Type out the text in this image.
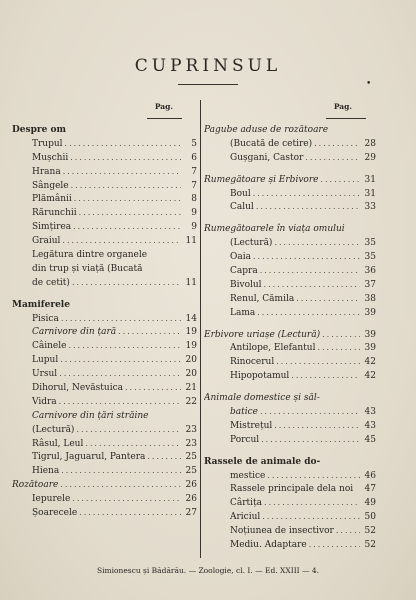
CUPRINSUL
•
Pag.
Despre om
Trupul .....	5
Mușchii .....	6
Hrana .....	7
Sângele .....	7
Plămânii .....	8
Rărunchii .....	9
Simțirea .....	9
Graiul .....	11
Legătura dintre organele
din trup și viață (Bucată
de cetit) .....	11
Mamiferele
Pisica .....	14
Carnivore din țară .....	19
Câinele .....	19
Lupul .....	20
Ursul .....	20
Dihorul, Nevăstuica .....	21
Vidra .....	22
Carnivore din țări străine
(Lectură) .....	23
Râsul, Leul .....	23
Tigrul, Jaguarul, Pantera .....	25
Hiena .....	25
Rozătoare .....	26
Iepurele .....	26
Șoarecele .....	27
Pag.
Pagube aduse de rozătoare
(Bucată de cetire) .....	28
Gușgani, Castor .....	29
Rumegătoare și Erbivore .....	31
Boul .....	31
Calul .....	33
Rumegătoarele în viața omului
(Lectură) .....	35
Oaia .....	35
Capra .....	36
Bivolul .....	37
Renul, Cămila .....	38
Lama .....	39
Erbivore uriașe (Lectură) .....	39
Antilope, Elefantul .....	39
Rinocerul .....	42
Hipopotamul .....	42
Animale domestice și săl-
batice .....	43
Mistrețul .....	43
Porcul .....	45
Rassele de animale do-
mestice .....	46
Rassele principale dela noi 47
Cârtița .....	49
Ariciul .....	50
Noțiunea de insectivor .....	52
Mediu. Adaptare .....	52
Simionescu și Bădărău. — Zoologie, cl. I. — Ed. XXIII — 4.
